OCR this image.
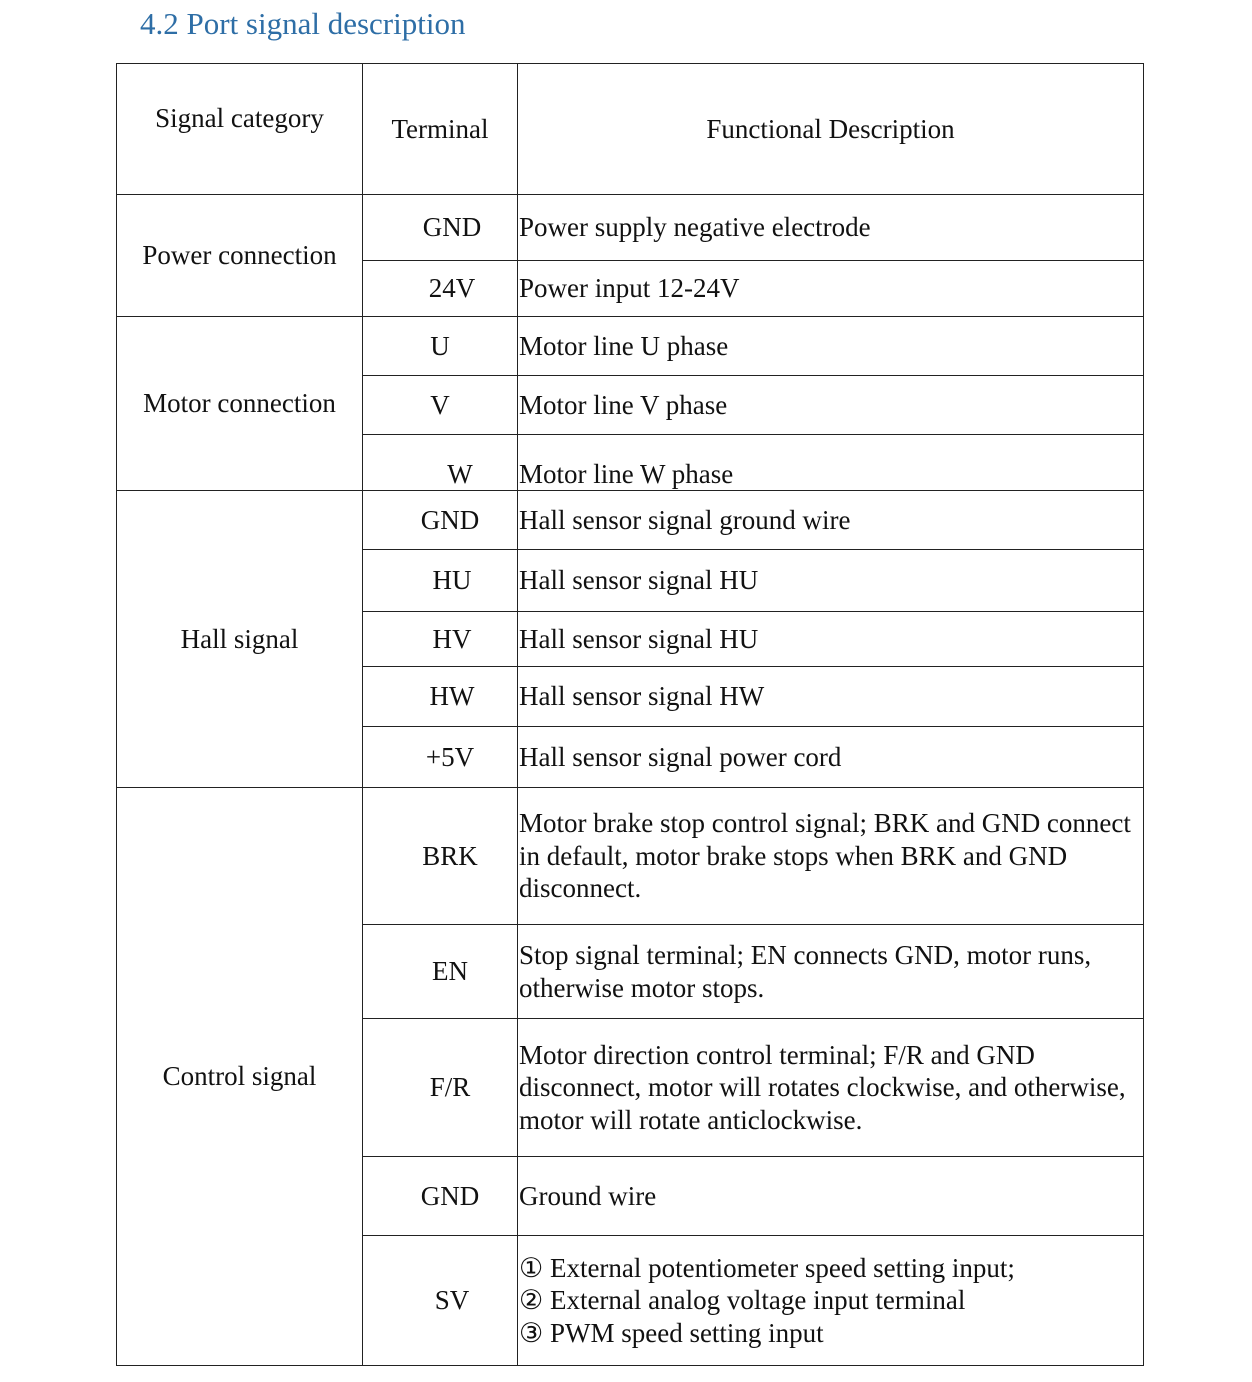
4.2 Port signal description
Signal category	Terminal	Functional Description
Power connection	GND	Power supply negative electrode
	24V	Power input 12-24V
Motor connection	U	Motor line U phase
	V	Motor line V phase
	W	Motor line W phase
Hall signal	GND	Hall sensor signal ground wire
	HU	Hall sensor signal HU
	HV	Hall sensor signal HU
	HW	Hall sensor signal HW
	+5V	Hall sensor signal power cord
Control signal	BRK	Motor brake stop control signal; BRK and GND connect in default, motor brake stops when BRK and GND disconnect.
	EN	Stop signal terminal; EN connects GND, motor runs, otherwise motor stops.
	F/R	Motor direction control terminal; F/R and GND disconnect, motor will rotates clockwise, and otherwise, motor will rotate anticlockwise.
	GND	Ground wire
	SV	① External potentiometer speed setting input;
② External analog voltage input terminal
③ PWM speed setting input
